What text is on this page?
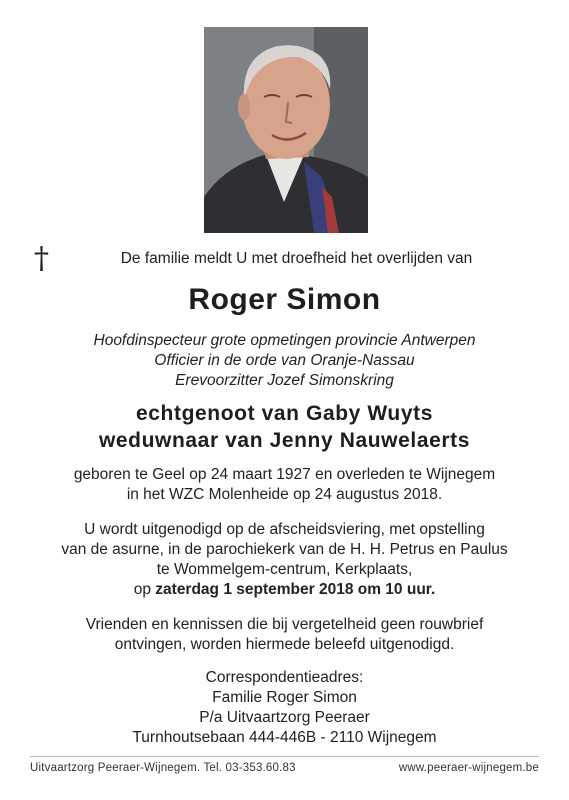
†	De familie meldt U met droefheid het overlijden van
Roger Simon
Hoofdinspecteur grote opmetingen provincie Antwerpen
Officier in de orde van Oranje-Nassau
Erevoorzitter Jozef Simonskring
echtgenoot van Gaby Wuyts
weduwnaar van Jenny Nauwelaerts
geboren te Geel op 24 maart 1927 en overleden te Wijnegem
in het WZC Molenheide op 24 augustus 2018.
U wordt uitgenodigd op de afscheidsviering, met opstelling
van de asurne, in de parochiekerk van de H. H. Petrus en Paulus
te Wommelgem-centrum, Kerkplaats,
op zaterdag 1 september 2018 om 10 uur.
Vrienden en kennissen die bij vergetelheid geen rouwbrief
ontvingen, worden hiermede beleefd uitgenodigd.
Correspondentieadres:
Familie Roger Simon
P/a Uitvaartzorg Peeraer
Turnhoutsebaan 444-446B - 2110 Wijnegem
Uitvaartzorg Peeraer-Wijnegem. Tel. 03-353.60.83	www.peeraer-wijnegem.be
